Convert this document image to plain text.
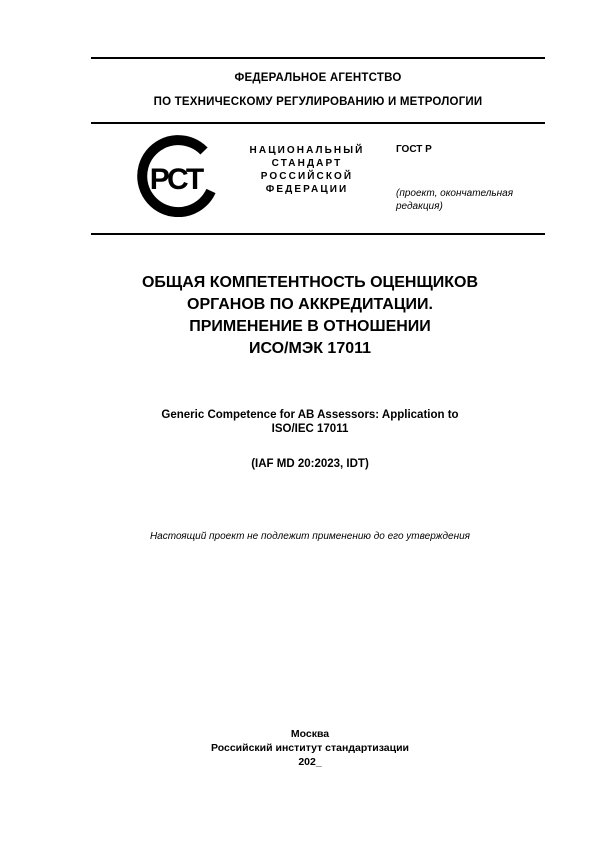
ФЕДЕРАЛЬНОЕ АГЕНТСТВО
ПО ТЕХНИЧЕСКОМУ РЕГУЛИРОВАНИЮ И МЕТРОЛОГИИ
РСТ
НАЦИОНАЛЬНЫЙ
СТАНДАРТ
РОССИЙСКОЙ
ФЕДЕРАЦИИ
ГОСТ Р
(проект, окончательная
редакция)
ОБЩАЯ КОМПЕТЕНТНОСТЬ ОЦЕНЩИКОВ
ОРГАНОВ ПО АККРЕДИТАЦИИ.
ПРИМЕНЕНИЕ В ОТНОШЕНИИ
ИСО/МЭК 17011
Generic Competence for AB Assessors: Application to
ISO/IEC 17011
(IAF MD 20:2023, IDT)
Настоящий проект не подлежит применению до его утверждения
Москва
Российский институт стандартизации
202_
